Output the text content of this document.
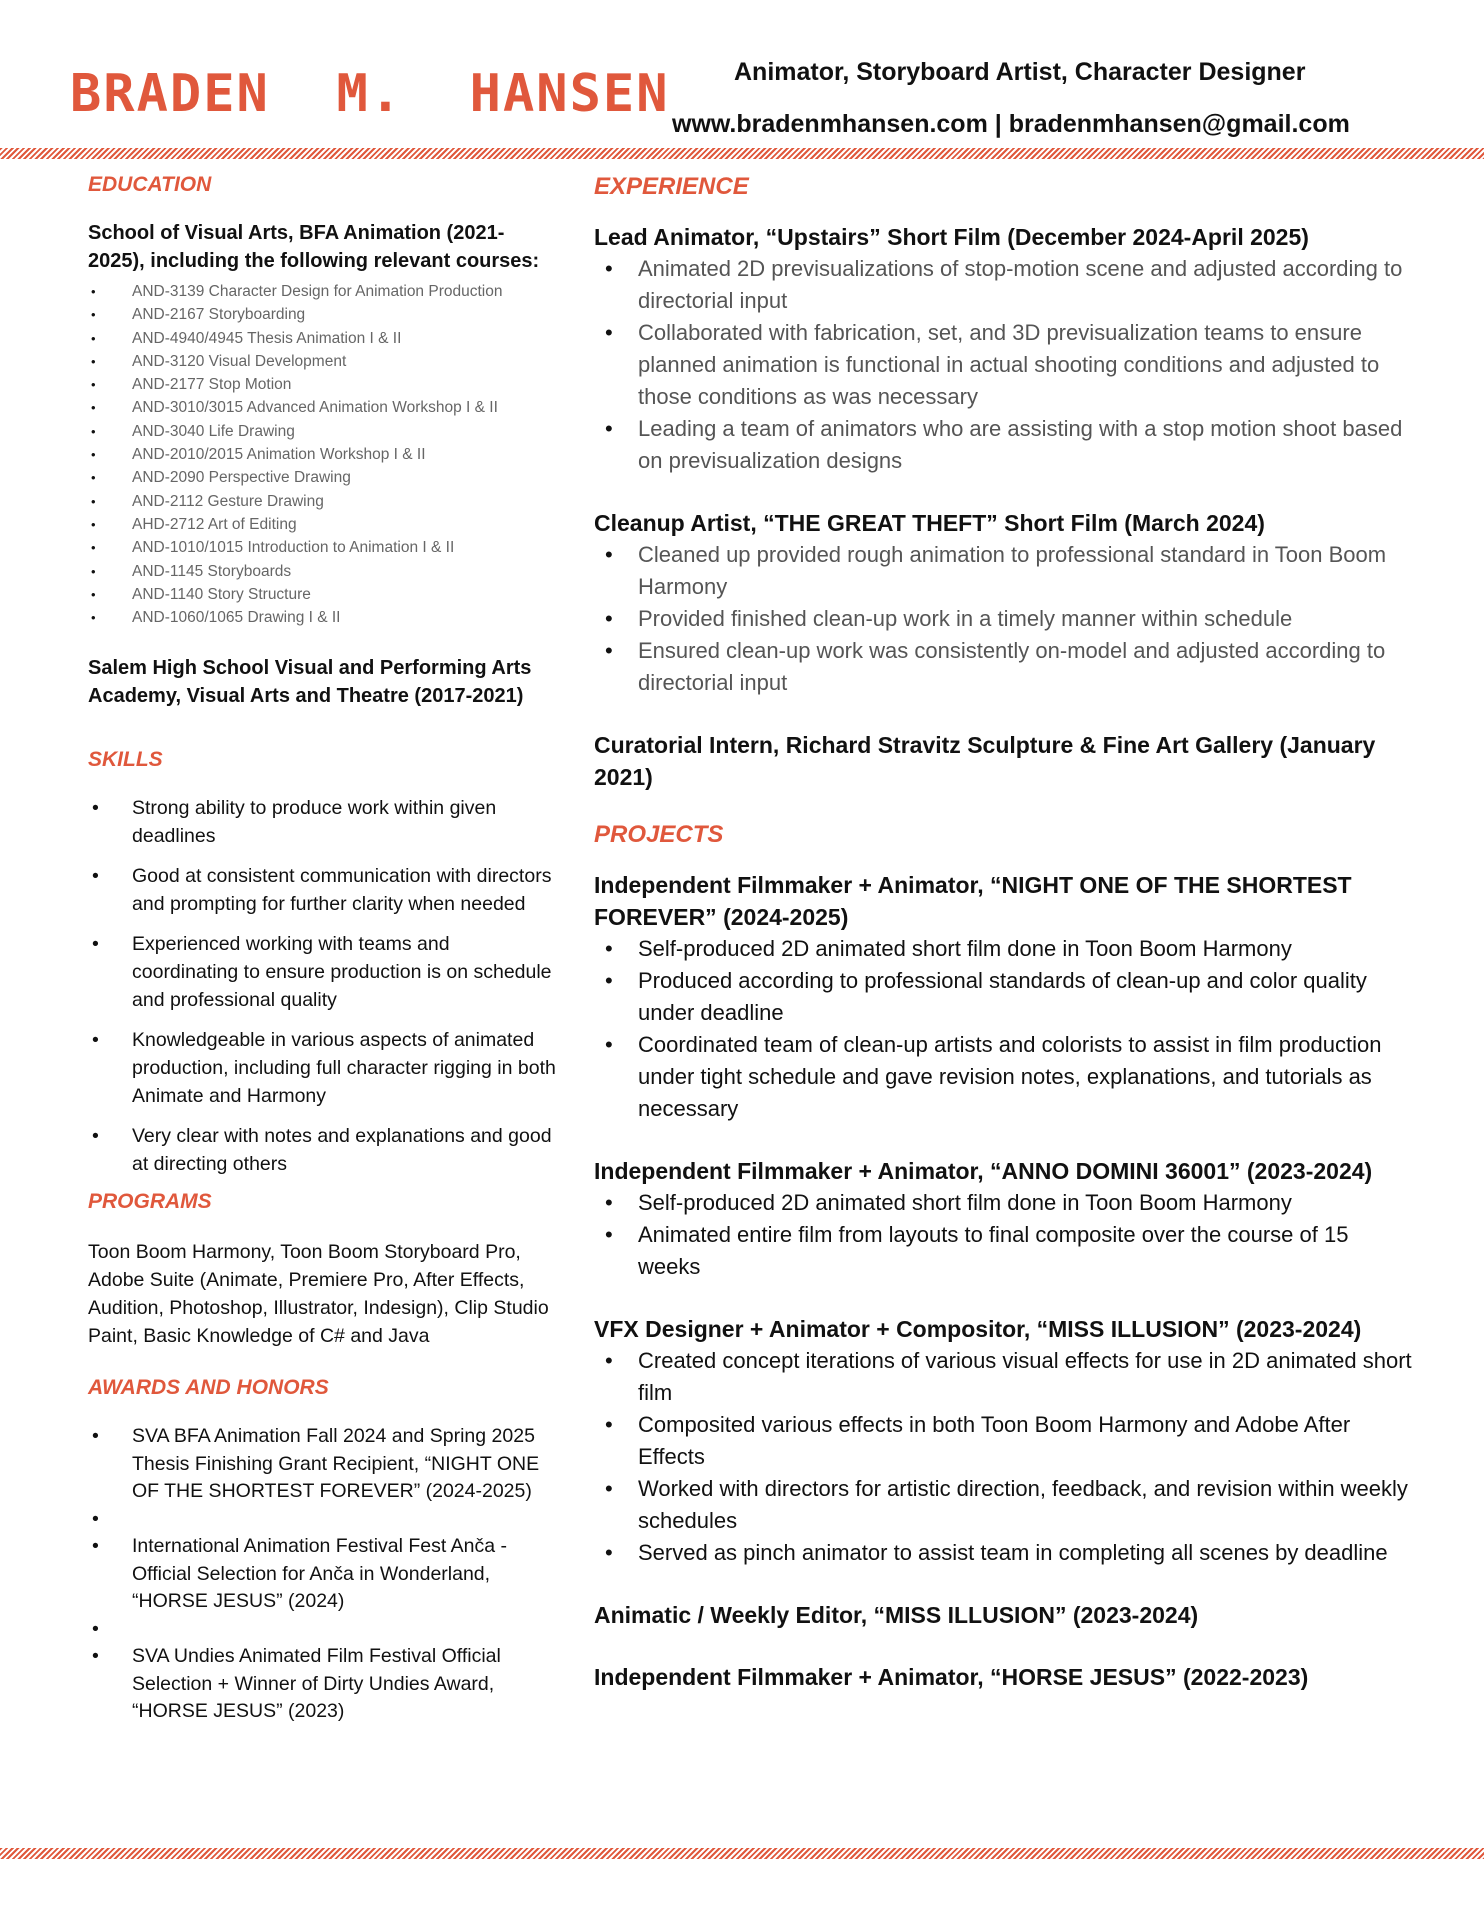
BRADEN  M.  HANSEN	Animator, Storyboard Artist, Character Designer

www.bradenmhansen.com | bradenmhansen@gmail.com

EDUCATION

School of Visual Arts, BFA Animation (2021-2025), including the following relevant courses:

• AND-3139 Character Design for Animation Production
• AND-2167 Storyboarding
• AND-4940/4945 Thesis Animation I & II
• AND-3120 Visual Development
• AND-2177 Stop Motion
• AND-3010/3015 Advanced Animation Workshop I & II
• AND-3040 Life Drawing
• AND-2010/2015 Animation Workshop I & II
• AND-2090 Perspective Drawing
• AND-2112 Gesture Drawing
• AHD-2712 Art of Editing
• AND-1010/1015 Introduction to Animation I & II
• AND-1145 Storyboards
• AND-1140 Story Structure
• AND-1060/1065 Drawing I & II

Salem High School Visual and Performing Arts Academy, Visual Arts and Theatre (2017-2021)

SKILLS
• Strong ability to produce work within given deadlines
• Good at consistent communication with directors and prompting for further clarity when needed
• Experienced working with teams and coordinating to ensure production is on schedule and professional quality
• Knowledgeable in various aspects of animated production, including full character rigging in both Animate and Harmony
• Very clear with notes and explanations and good at directing others
PROGRAMS

Toon Boom Harmony, Toon Boom Storyboard Pro, Adobe Suite (Animate, Premiere Pro, After Effects, Audition, Photoshop, Illustrator, Indesign), Clip Studio Paint, Basic Knowledge of C# and Java

AWARDS AND HONORS
• SVA BFA Animation Fall 2024 and Spring 2025 Thesis Finishing Grant Recipient, “NIGHT ONE OF THE SHORTEST FOREVER” (2024-2025)
•
• International Animation Festival Fest Anča - Official Selection for Anča in Wonderland, “HORSE JESUS” (2024)
•
• SVA Undies Animated Film Festival Official Selection + Winner of Dirty Undies Award, “HORSE JESUS” (2023)
EXPERIENCE

Lead Animator, “Upstairs” Short Film (December 2024-April 2025)

• Animated 2D previsualizations of stop-motion scene and adjusted according to directorial input
• Collaborated with fabrication, set, and 3D previsualization teams to ensure planned animation is functional in actual shooting conditions and adjusted to those conditions as was necessary
• Leading a team of animators who are assisting with a stop motion shoot based on previsualization designs

Cleanup Artist, “THE GREAT THEFT” Short Film (March 2024)

• Cleaned up provided rough animation to professional standard in Toon Boom Harmony
• Provided finished clean-up work in a timely manner within schedule
• Ensured clean-up work was consistently on-model and adjusted according to directorial input

Curatorial Intern, Richard Stravitz Sculpture & Fine Art Gallery (January 2021)

PROJECTS

Independent Filmmaker + Animator, “NIGHT ONE OF THE SHORTEST FOREVER” (2024-2025)

• Self-produced 2D animated short film done in Toon Boom Harmony
• Produced according to professional standards of clean-up and color quality under deadline
• Coordinated team of clean-up artists and colorists to assist in film production under tight schedule and gave revision notes, explanations, and tutorials as necessary

Independent Filmmaker + Animator, “ANNO DOMINI 36001” (2023-2024)

• Self-produced 2D animated short film done in Toon Boom Harmony
• Animated entire film from layouts to final composite over the course of 15 weeks

VFX Designer + Animator + Compositor, “MISS ILLUSION” (2023-2024)

• Created concept iterations of various visual effects for use in 2D animated short film
• Composited various effects in both Toon Boom Harmony and Adobe After Effects
• Worked with directors for artistic direction, feedback, and revision within weekly schedules
• Served as pinch animator to assist team in completing all scenes by deadline

Animatic / Weekly Editor, “MISS ILLUSION” (2023-2024)

Independent Filmmaker + Animator, “HORSE JESUS” (2022-2023)
